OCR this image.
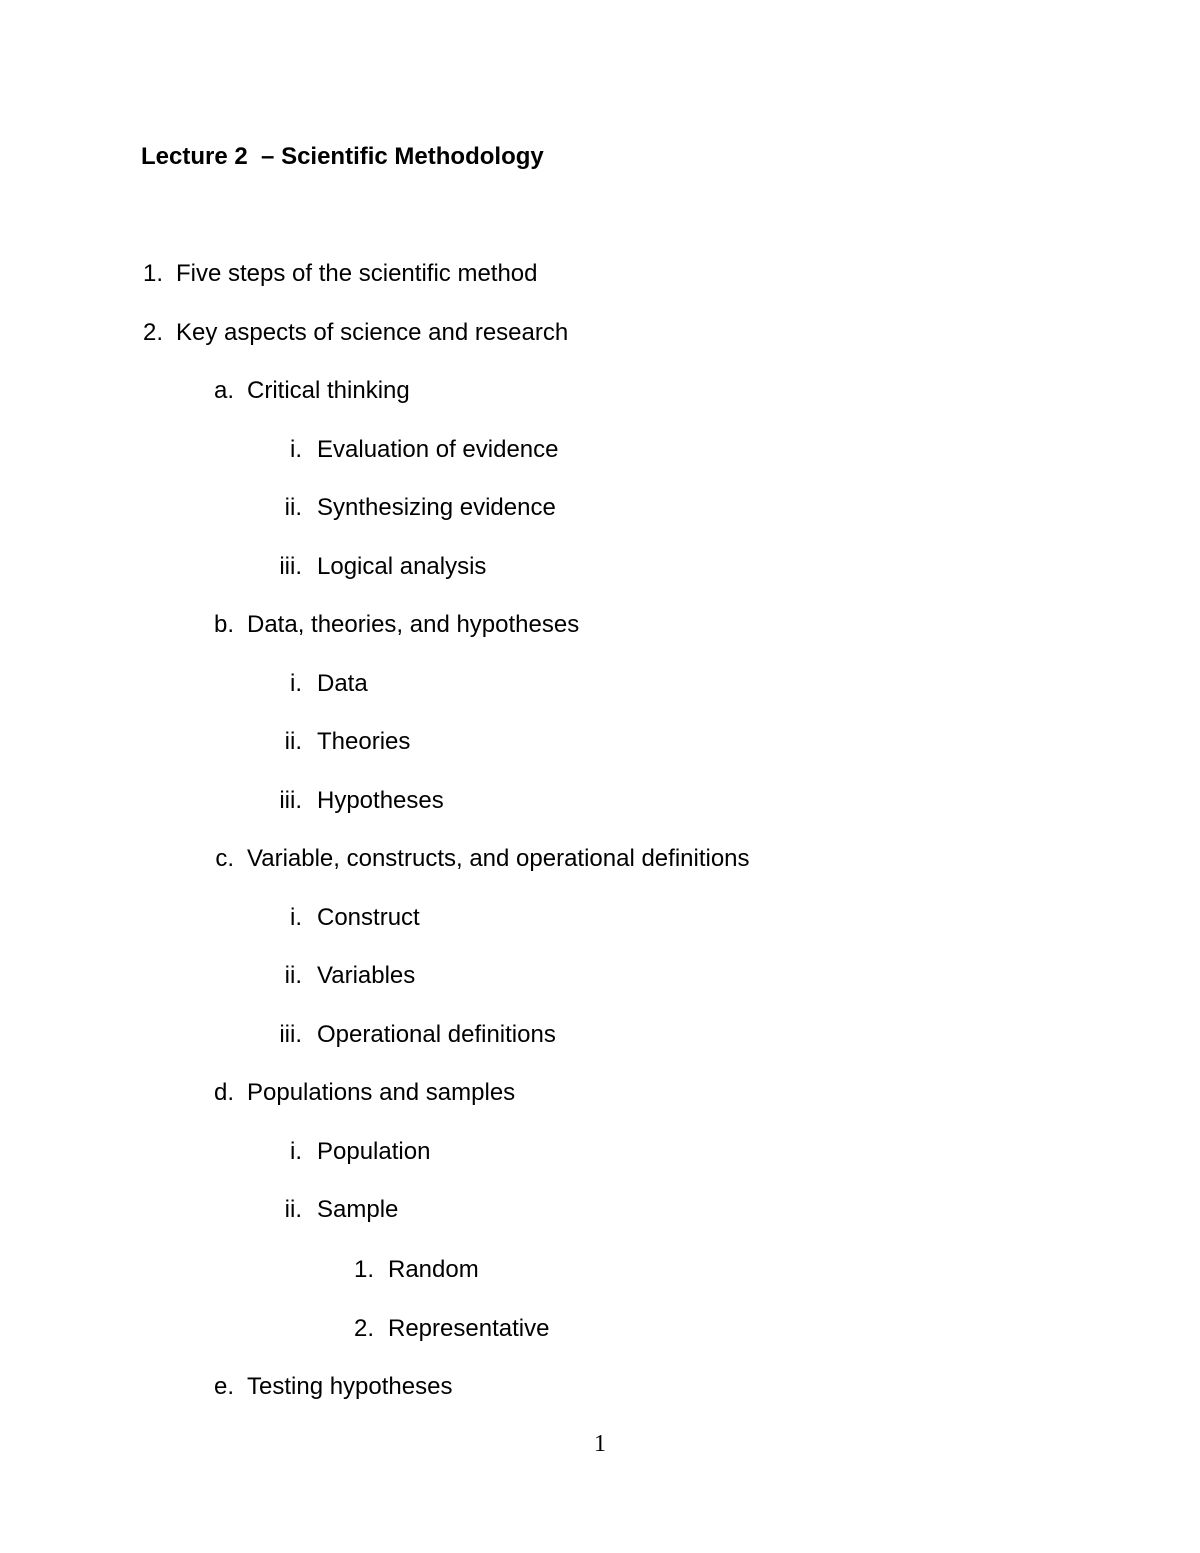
Lecture 2  – Scientific Methodology
1. Five steps of the scientific method
2. Key aspects of science and research
a. Critical thinking
i. Evaluation of evidence
ii. Synthesizing evidence
iii. Logical analysis
b. Data, theories, and hypotheses
i. Data
ii. Theories
iii. Hypotheses
c. Variable, constructs, and operational definitions
i. Construct
ii. Variables
iii. Operational definitions
d. Populations and samples
i. Population
ii. Sample
1. Random
2. Representative
e. Testing hypotheses
1
